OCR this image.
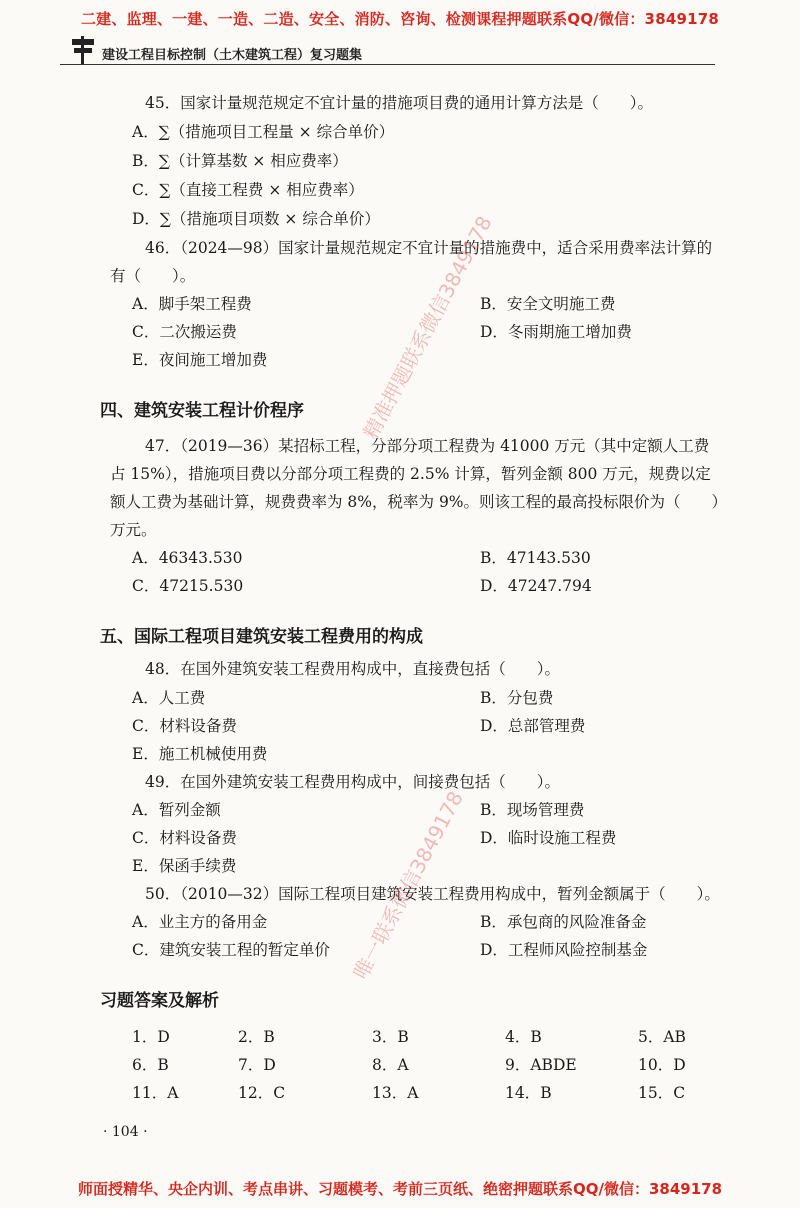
二建、监理、一建、一造、二造、安全、消防、咨询、检测课程押题联系QQ/微信：3849178
建设工程目标控制（土木建筑工程）复习题集
45．国家计量规范规定不宜计量的措施项目费的通用计算方法是（　　）。
A．∑（措施项目工程量 × 综合单价）
B．∑（计算基数 × 相应费率）
C．∑（直接工程费 × 相应费率）
D．∑（措施项目项数 × 综合单价）
46．（2024—98）国家计量规范规定不宜计量的措施费中，适合采用费率法计算的
有（　　）。
A．脚手架工程费	B．安全文明施工费
C．二次搬运费	D．冬雨期施工增加费
E．夜间施工增加费
四、建筑安装工程计价程序
47．（2019—36）某招标工程，分部分项工程费为 41000 万元（其中定额人工费
占 15%），措施项目费以分部分项工程费的 2.5% 计算，暂列金额 800 万元，规费以定
额人工费为基础计算，规费费率为 8%，税率为 9%。则该工程的最高投标限价为（　　）
万元。
A．46343.530	B．47143.530
C．47215.530	D．47247.794
五、国际工程项目建筑安装工程费用的构成
48．在国外建筑安装工程费用构成中，直接费包括（　　）。
A．人工费	B．分包费
C．材料设备费	D．总部管理费
E．施工机械使用费
49．在国外建筑安装工程费用构成中，间接费包括（　　）。
A．暂列金额	B．现场管理费
C．材料设备费	D．临时设施工程费
E．保函手续费
50．（2010—32）国际工程项目建筑安装工程费用构成中，暂列金额属于（　　）。
A．业主方的备用金	B．承包商的风险准备金
C．建筑安装工程的暂定单价	D．工程师风险控制基金
习题答案及解析
1．D	2．B	3．B	4．B	5．AB
6．B	7．D	8．A	9．ABDE	10．D
11．A	12．C	13．A	14．B	15．C
· 104 ·
精准押题联系微信3849178
唯一联系微信3849178
师面授精华、央企内训、考点串讲、习题模考、考前三页纸、绝密押题联系QQ/微信：3849178
